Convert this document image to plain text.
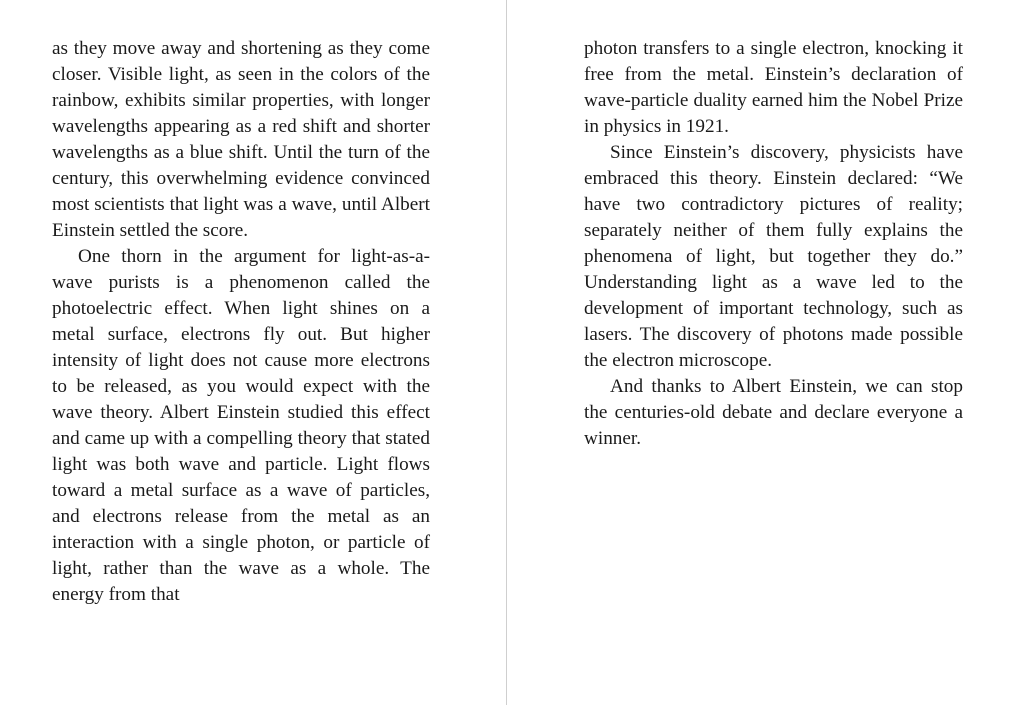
as they move away and shortening as they come closer. Visible light, as seen in the colors of the rainbow, exhibits similar properties, with longer wavelengths appearing as a red shift and shorter wavelengths as a blue shift. Until the turn of the century, this overwhelming evidence convinced most scientists that light was a wave, until Albert Einstein settled the score.

One thorn in the argument for light-as-a-wave purists is a phenomenon called the photoelectric effect. When light shines on a metal surface, electrons fly out. But higher intensity of light does not cause more electrons to be released, as you would expect with the wave theory. Albert Einstein studied this effect and came up with a compelling theory that stated light was both wave and particle. Light flows toward a metal surface as a wave of particles, and electrons release from the metal as an interaction with a single photon, or particle of light, rather than the wave as a whole. The energy from that

photon transfers to a single electron, knocking it free from the metal. Einstein’s declaration of wave-particle duality earned him the Nobel Prize in physics in 1921.

Since Einstein’s discovery, physicists have embraced this theory. Einstein declared: “We have two contradictory pictures of reality; separately neither of them fully explains the phenomena of light, but together they do.” Understanding light as a wave led to the development of important technology, such as lasers. The discovery of photons made possible the electron microscope.

And thanks to Albert Einstein, we can stop the centuries-old debate and declare everyone a winner.
